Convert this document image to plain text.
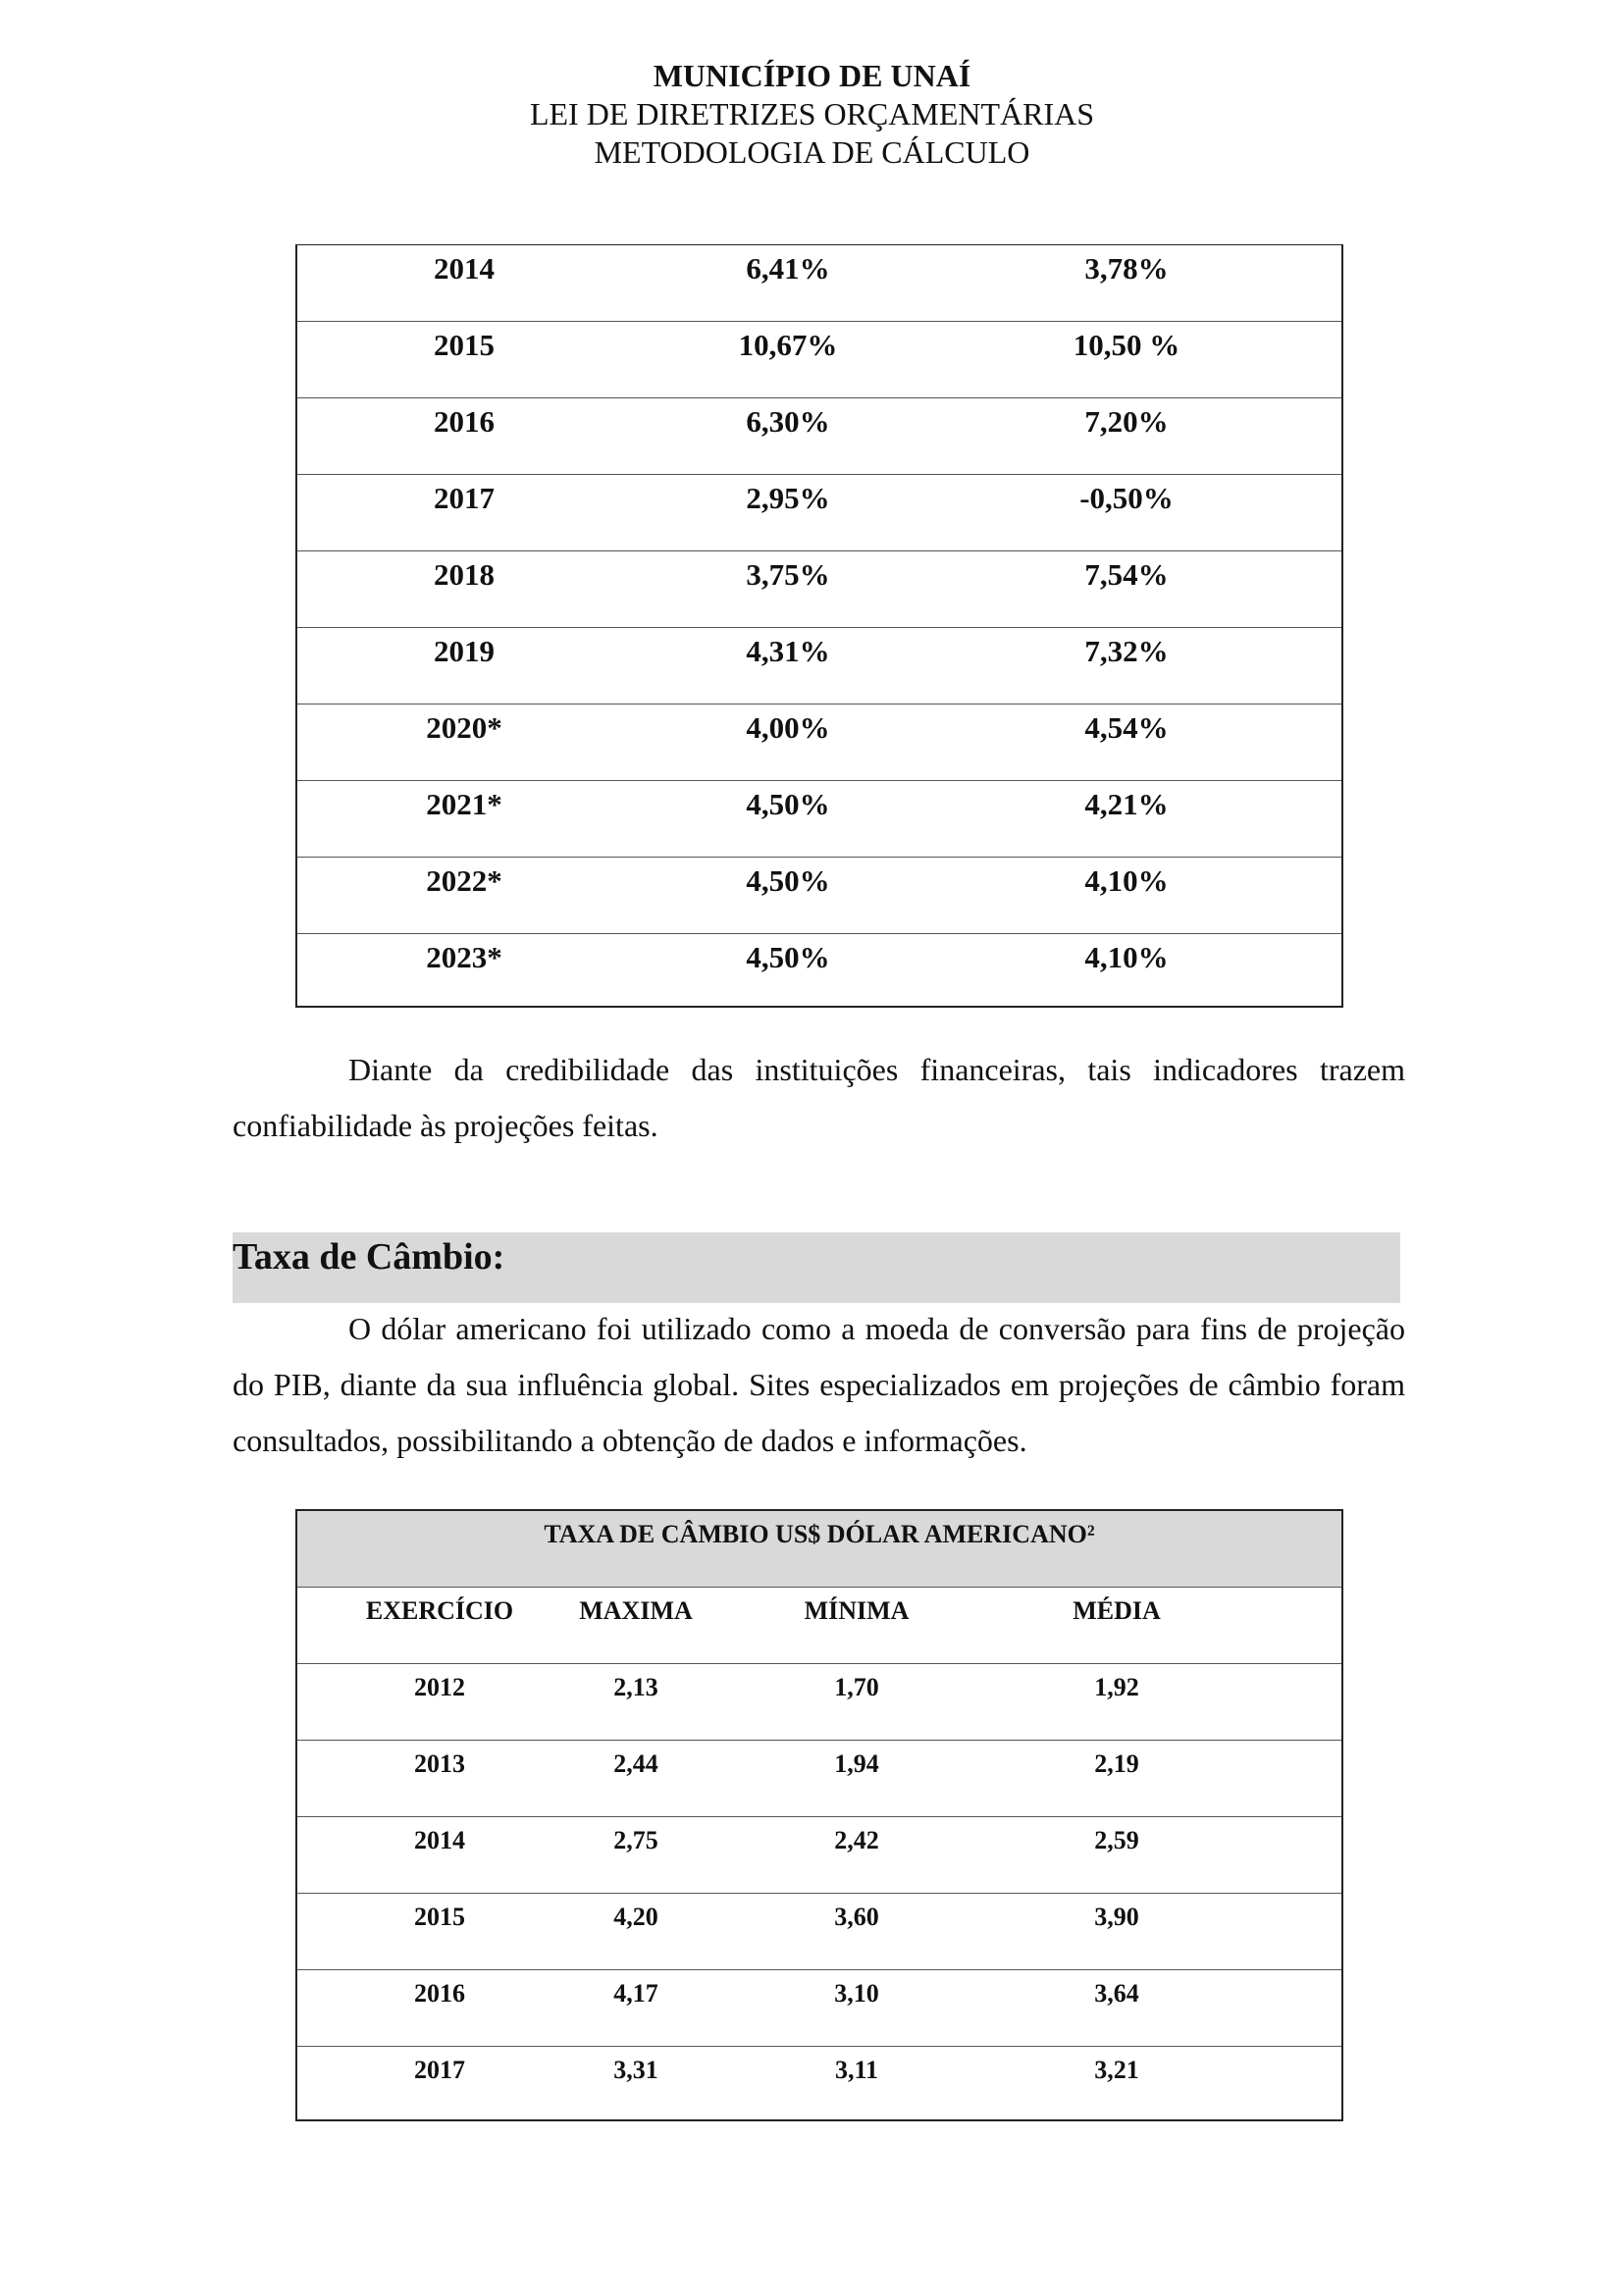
MUNICÍPIO DE UNAÍ
LEI DE DIRETRIZES ORÇAMENTÁRIAS
METODOLOGIA DE CÁLCULO
2014	6,41%	3,78%
2015	10,67%	10,50 %
2016	6,30%	7,20%
2017	2,95%	-0,50%
2018	3,75%	7,54%
2019	4,31%	7,32%
2020*	4,00%	4,54%
2021*	4,50%	4,21%
2022*	4,50%	4,10%
2023*	4,50%	4,10%
Diante da credibilidade das instituições financeiras, tais indicadores trazem confiabilidade às projeções feitas.
Taxa de Câmbio:
O dólar americano foi utilizado como a moeda de conversão para fins de projeção do PIB, diante da sua influência global. Sites especializados em projeções de câmbio foram consultados, possibilitando a obtenção de dados e informações.
TAXA DE CÂMBIO US$ DÓLAR AMERICANO²
EXERCÍCIO	MAXIMA	MÍNIMA	MÉDIA
2012	2,13	1,70	1,92
2013	2,44	1,94	2,19
2014	2,75	2,42	2,59
2015	4,20	3,60	3,90
2016	4,17	3,10	3,64
2017	3,31	3,11	3,21
